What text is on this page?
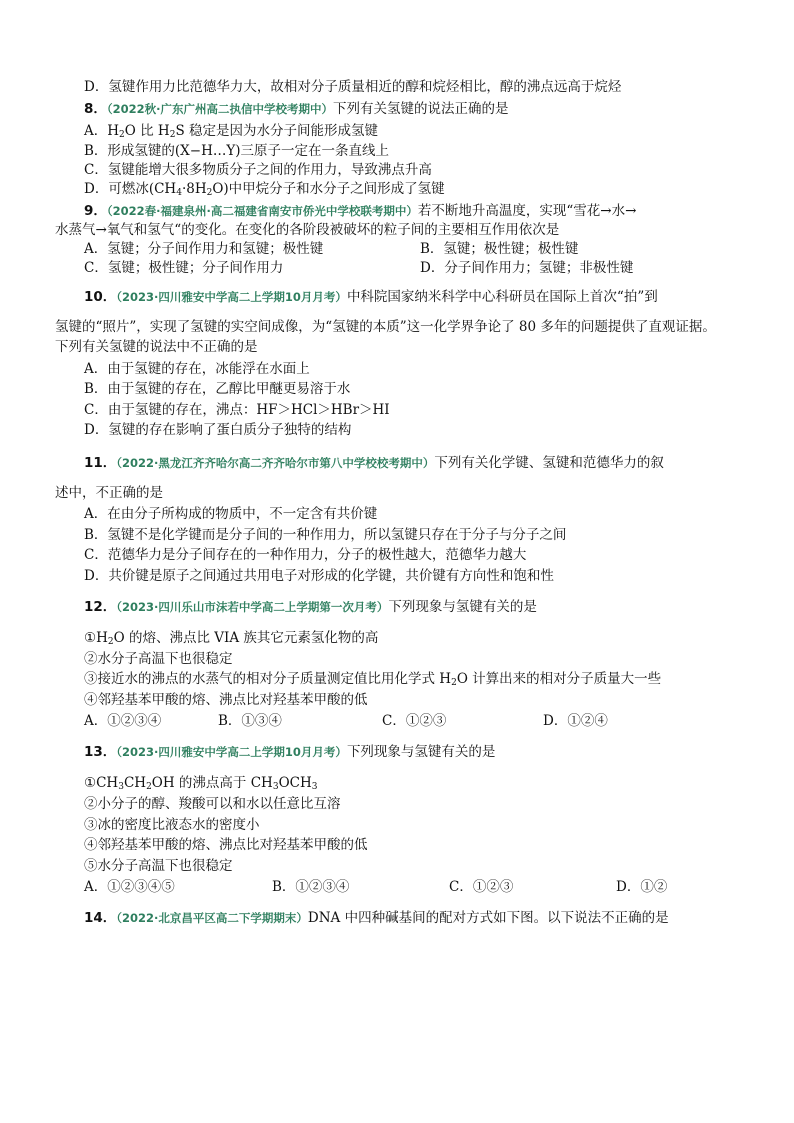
D．氢键作用力比范德华力大，故相对分子质量相近的醇和烷烃相比，醇的沸点远高于烷烃
8．（2022秋·广东广州高二执信中学校考期中）下列有关氢键的说法正确的是
A．$H_2O$ 比 $H_2S$ 稳定是因为水分子间能形成氢键
B．形成氢键的(X−H…Y)三原子一定在一条直线上
C．氢键能增大很多物质分子之间的作用力，导致沸点升高
D．可燃冰$(CH_4\cdot 8H_2O)$中甲烷分子和水分子之间形成了氢键
9．（2022春·福建泉州·高二福建省南安市侨光中学校联考期中）若不断地升高温度，实现“雪花→水→
水蒸气→氧气和氢气“的变化。在变化的各阶段被破坏的粒子间的主要相互作用依次是
A．氢键；分子间作用力和氢键；极性键	B．氢键；极性键；极性键
C．氢键；极性键；分子间作用力	D．分子间作用力；氢键；非极性键
10．（2023·四川雅安中学高二上学期10月月考）中科院国家纳米科学中心科研员在国际上首次“拍”到
氢键的“照片”，实现了氢键的实空间成像，为“氢键的本质”这一化学界争论了 80 多年的问题提供了直观证据。
下列有关氢键的说法中不正确的是
A．由于氢键的存在，冰能浮在水面上
B．由于氢键的存在，乙醇比甲醚更易溶于水
C．由于氢键的存在，沸点：HF＞HCl＞HBr＞HI
D．氢键的存在影响了蛋白质分子独特的结构
11．（2022·黑龙江齐齐哈尔高二齐齐哈尔市第八中学校校考期中）下列有关化学键、氢键和范德华力的叙
述中，不正确的是
A．在由分子所构成的物质中，不一定含有共价键
B．氢键不是化学键而是分子间的一种作用力，所以氢键只存在于分子与分子之间
C．范德华力是分子间存在的一种作用力，分子的极性越大，范德华力越大
D．共价键是原子之间通过共用电子对形成的化学键，共价键有方向性和饱和性
12．（2023·四川乐山市沫若中学高二上学期第一次月考）下列现象与氢键有关的是
$①H_2O$ 的熔、沸点比 VIA 族其它元素氢化物的高
②水分子高温下也很稳定
③接近水的沸点的水蒸气的相对分子质量测定值比用化学式 $H_2O$ 计算出来的相对分子质量大一些
④邻羟基苯甲酸的熔、沸点比对羟基苯甲酸的低
A．①②③④	B．①③④	C．①②③	D．①②④
13．（2023·四川雅安中学高二上学期10月月考）下列现象与氢键有关的是
$①CH_3CH_2OH$ 的沸点高于 $CH_3OCH_3$
②小分子的醇、羧酸可以和水以任意比互溶
③冰的密度比液态水的密度小
④邻羟基苯甲酸的熔、沸点比对羟基苯甲酸的低
⑤水分子高温下也很稳定
A．①②③④⑤	B．①②③④	C．①②③	D．①②
14．（2022·北京昌平区高二下学期期末）DNA 中四种碱基间的配对方式如下图。以下说法不正确的是
